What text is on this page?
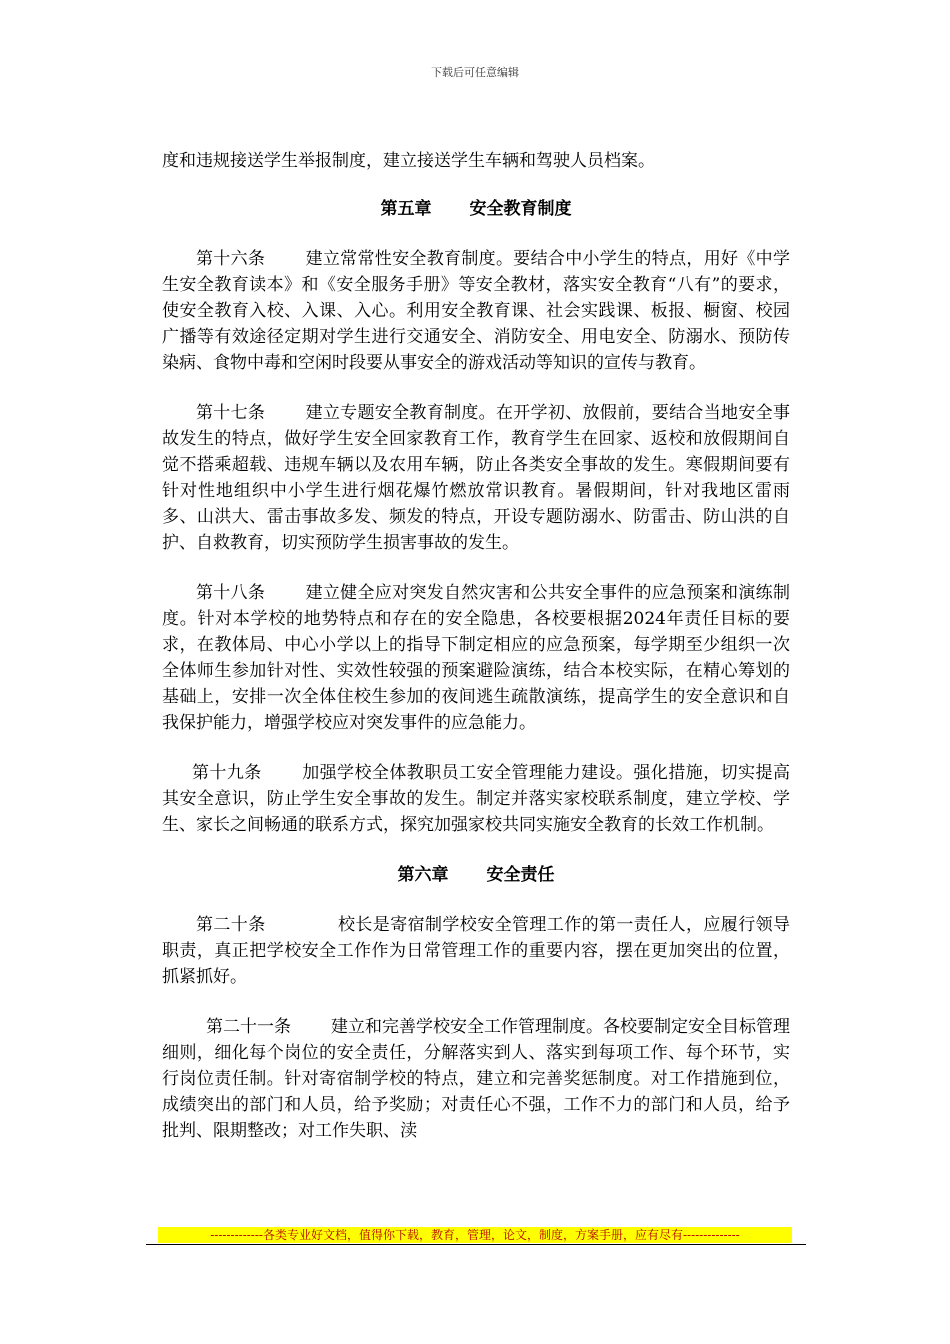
下载后可任意编辑

度和违规接送学生举报制度，建立接送学生车辆和驾驶人员档案。

第五章 安全教育制度

第十六条 建立常常性安全教育制度。要结合中小学生的特点，用好《中学生安全教育读本》和《安全服务手册》等安全教材，落实安全教育“八有”的要求，使安全教育入校、入课、入心。利用安全教育课、社会实践课、板报、橱窗、校园广播等有效途径定期对学生进行交通安全、消防安全、用电安全、防溺水、预防传染病、食物中毒和空闲时段要从事安全的游戏活动等知识的宣传与教育。

第十七条 建立专题安全教育制度。在开学初、放假前，要结合当地安全事故发生的特点，做好学生安全回家教育工作，教育学生在回家、返校和放假期间自觉不搭乘超载、违规车辆以及农用车辆，防止各类安全事故的发生。寒假期间要有针对性地组织中小学生进行烟花爆竹燃放常识教育。暑假期间，针对我地区雷雨多、山洪大、雷击事故多发、频发的特点，开设专题防溺水、防雷击、防山洪的自护、自救教育，切实预防学生损害事故的发生。

第十八条 建立健全应对突发自然灾害和公共安全事件的应急预案和演练制度。针对本学校的地势特点和存在的安全隐患，各校要根据2024年责任目标的要求，在教体局、中心小学以上的指导下制定相应的应急预案，每学期至少组织一次全体师生参加针对性、实效性较强的预案避险演练，结合本校实际，在精心筹划的基础上，安排一次全体住校生参加的夜间逃生疏散演练，提高学生的安全意识和自我保护能力，增强学校应对突发事件的应急能力。

第十九条 加强学校全体教职员工安全管理能力建设。强化措施，切实提高其安全意识，防止学生安全事故的发生。制定并落实家校联系制度，建立学校、学生、家长之间畅通的联系方式，探究加强家校共同实施安全教育的长效工作机制。

第六章 安全责任

第二十条	校长是寄宿制学校安全管理工作的第一责任人，应履行领导职责，真正把学校安全工作作为日常管理工作的重要内容，摆在更加突出的位置，抓紧抓好。

第二十一条 建立和完善学校安全工作管理制度。各校要制定安全目标管理细则，细化每个岗位的安全责任，分解落实到人、落实到每项工作、每个环节，实行岗位责任制。针对寄宿制学校的特点，建立和完善奖惩制度。对工作措施到位，成绩突出的部门和人员，给予奖励；对责任心不强，工作不力的部门和人员，给予批判、限期整改；对工作失职、渎

-------------各类专业好文档，值得你下载，教育，管理，论文，制度，方案手册，应有尽有--------------
